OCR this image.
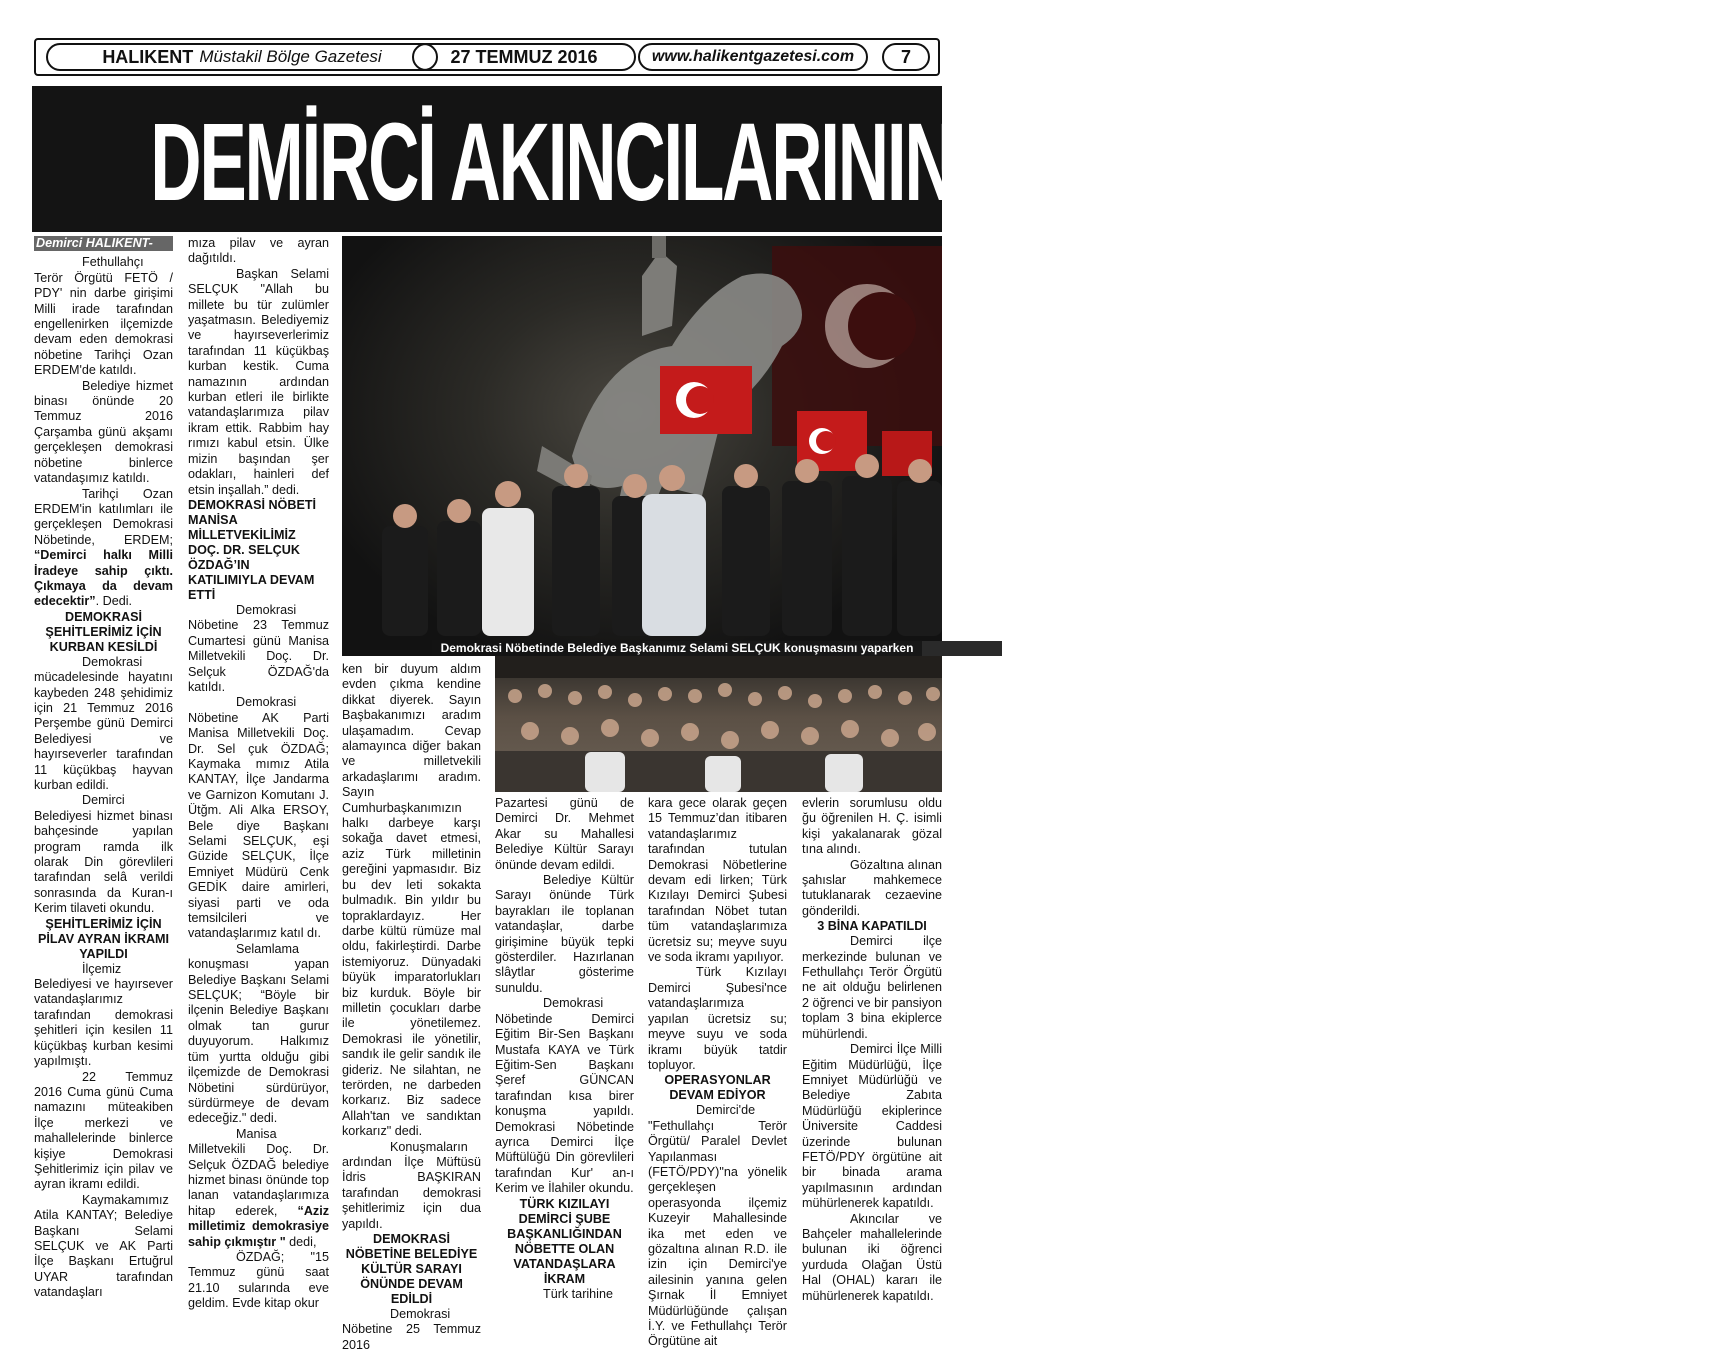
HALIKENT Müstakil Bölge Gazetesi	27 TEMMUZ 2016	www.halikentgazetesi.com	7
DEMİRCİ AKINCILARININ TORUNLARI GÖREVDE
Demirci HALIKENT-

Fethullahçı Terör Örgütü FETÖ / PDY' nin darbe girişimi Milli irade tarafından engellenirken ilçemizde devam eden demokrasi nöbetine Tarihçi Ozan ERDEM'de katıldı.

Belediye hizmet binası önünde 20 Temmuz 2016 Çarşamba günü akşamı gerçekleşen demokrasi nöbetine binlerce vatandaşımız katıldı.

Tarihçi Ozan ERDEM'in katılımları ile gerçekleşen Demokrasi Nöbetinde, ERDEM; “Demirci halkı Milli İradeye sahip çıktı. Çıkmaya da devam edecektir”. Dedi.

DEMOKRASİ ŞEHİTLERİMİZ İÇİN KURBAN KESİLDİ

Demokrasi mücadelesinde hayatını kaybeden 248 şehidimiz için 21 Temmuz 2016 Perşembe günü Demirci Belediyesi ve hayırseverler tarafından 11 küçükbaş hayvan kurban edildi.

Demirci Belediyesi hizmet binası bahçesinde yapılan program ramda ilk olarak Din görevlileri tarafından selâ verildi sonrasında da Kuran-ı Kerim tilaveti okundu.

ŞEHİTLERİMİZ İÇİN PİLAV AYRAN İKRAMI YAPILDI

İlçemiz Belediyesi ve hayırsever vatandaşlarımız tarafından demokrasi şehitleri için kesilen 11 küçükbaş kurban kesimi yapılmıştı.

22 Temmuz 2016 Cuma günü Cuma namazını müteakiben İlçe merkezi ve mahallelerinde binlerce kişiye Demokrasi Şehitlerimiz için pilav ve ayran ikramı edildi.

Kaymakamımız Atila KANTAY; Belediye Başkanı Selami SELÇUK ve AK Parti İlçe Başkanı Ertuğrul UYAR tarafından vatandaşları

mıza pilav ve ayran dağıtıldı.

Başkan Selami SELÇUK "Allah bu millete bu tür zulümler yaşatmasın. Belediyemiz ve hayırseverlerimiz tarafından 11 küçükbaş kurban kestik. Cuma namazının ardından kurban etleri ile birlikte vatandaşlarımıza pilav ikram ettik. Rabbim hay rımızı kabul etsin. Ülke mizin başından şer odakları, hainleri def etsin inşallah.” dedi.

DEMOKRASİ NÖBETİ MANİSA MİLLETVEKİLİMİZ DOÇ. DR. SELÇUK ÖZDAĞ’IN KATILIMIYLA DEVAM ETTİ

Demokrasi Nöbetine 23 Temmuz Cumartesi günü Manisa Milletvekili Doç. Dr. Selçuk ÖZDAĞ'da katıldı.

Demokrasi Nöbetine AK Parti Manisa Milletvekili Doç. Dr. Sel çuk ÖZDAĞ; Kaymaka mımız Atila KANTAY, İlçe Jandarma ve Garnizon Komutanı J. Ütğm. Ali Alka ERSOY, Bele diye Başkanı Selami SELÇUK, eşi Güzide SELÇUK, İlçe Emniyet Müdürü Cenk GEDİK daire amirleri, siyasi parti ve oda temsilcileri ve vatandaşlarımız katıl dı.

Selamlama konuşması yapan Belediye Başkanı Selami SELÇUK; “Böyle bir ilçenin Belediye Başkanı olmak tan gurur duyuyorum. Halkımız tüm yurtta olduğu gibi ilçemizde de Demokrasi Nöbetini sürdürüyor, sürdürmeye de devam edeceğiz." dedi.

Manisa Milletvekili Doç. Dr. Selçuk ÖZDAĞ belediye hizmet binası önünde top lanan vatandaşlarımıza hitap ederek, “Aziz milletimiz demokrasiye sahip çıkmıştır " dedi,

ÖZDAĞ; "15 Temmuz günü saat 21.10 sularında eve geldim. Evde kitap okur

Demokrasi Nöbetinde Belediye Başkanımız Selami SELÇUK konuşmasını yaparken

ken bir duyum aldım evden çıkma kendine dikkat diyerek. Sayın Başbakanımızı aradım ulaşamadım. Cevap alamayınca diğer bakan ve milletvekili arkadaşlarımı aradım. Sayın Cumhurbaşkanımızın halkı darbeye karşı sokağa davet etmesi, aziz Türk milletinin gereğini yapmasıdır. Biz bu dev leti sokakta bulmadık. Bin yıldır bu topraklardayız. Her darbe kültü rümüze mal oldu, fakirleştirdi. Darbe istemiyoruz. Dünyadaki büyük imparatorlukları biz kurduk. Böyle bir milletin çocukları darbe ile yönetilemez. Demokrasi ile yönetilir, sandık ile gelir sandık ile gideriz. Ne silahtan, ne terörden, ne darbeden korkarız. Biz sadece Allah'tan ve sandıktan korkarız" dedi.

Konuşmaların ardından İlçe Müftüsü İdris BAŞKIRAN tarafından demokrasi şehitlerimiz için dua yapıldı.

DEMOKRASİ NÖBETİNE BELEDİYE KÜLTÜR SARAYI ÖNÜNDE DEVAM EDİLDİ

Demokrasi Nöbetine 25 Temmuz 2016

Pazartesi günü de Demirci Dr. Mehmet Akar su Mahallesi Belediye Kültür Sarayı önünde devam edildi.

Belediye Kültür Sarayı önünde Türk bayrakları ile toplanan vatandaşlar, darbe girişimine büyük tepki gösterdiler. Hazırlanan slâytlar gösterime sunuldu.

Demokrasi Nöbetinde Demirci Eğitim Bir-Sen Başkanı Mustafa KAYA ve Türk Eğitim-Sen Başkanı Şeref GÜNCAN tarafından kısa birer konuşma yapıldı. Demokrasi Nöbetinde ayrıca Demirci İlçe Müftülüğü Din görevlileri tarafından Kur' an-ı Kerim ve İlahiler okundu.

TÜRK KIZILAYI DEMİRCİ ŞUBE BAŞKANLIĞINDAN NÖBETTE OLAN VATANDAŞLARA İKRAM

Türk tarihine

kara gece olarak geçen 15 Temmuz’dan itibaren vatandaşlarımız tarafından tutulan Demokrasi Nöbetlerine devam edi lirken; Türk Kızılayı Demirci Şubesi tarafından Nöbet tutan tüm vatandaşlarımıza ücretsiz su; meyve suyu ve soda ikramı yapılıyor.

Türk Kızılayı Demirci Şubesi'nce vatandaşlarımıza yapılan ücretsiz su; meyve suyu ve soda ikramı büyük tatdir topluyor.

OPERASYONLAR DEVAM EDİYOR

Demirci'de "Fethullahçı Terör Örgütü/ Paralel Devlet Yapılanması (FETÖ/PDY)"na yönelik gerçekleşen operasyonda ilçemiz Kuzeyir Mahallesinde ika met eden ve gözaltına alınan R.D. ile izin için Demirci'ye ailesinin yanına gelen Şırnak İl Emniyet Müdürlüğünde çalışan İ.Y. ve Fethullahçı Terör Örgütüne ait

evlerin sorumlusu oldu ğu öğrenilen H. Ç. isimli kişi yakalanarak gözal tına alındı.

Gözaltına alınan şahıslar mahkemece tutuklanarak cezaevine gönderildi.

3 BİNA KAPATILDI

Demirci ilçe merkezinde bulunan ve Fethullahçı Terör Örgütü ne ait olduğu belirlenen 2 öğrenci ve bir pansiyon toplam 3 bina ekiplerce mühürlendi.

Demirci İlçe Milli Eğitim Müdürlüğü, İlçe Emniyet Müdürlüğü ve Belediye Zabıta Müdürlüğü ekiplerince Üniversite Caddesi üzerinde bulunan FETÖ/PDY örgütüne ait bir binada arama yapılmasının ardından mühürlenerek kapatıldı.

Akıncılar ve Bahçeler mahallelerinde bulunan iki öğrenci yurduda Olağan Üstü Hal (OHAL) kararı ile mühürlenerek kapatıldı.
